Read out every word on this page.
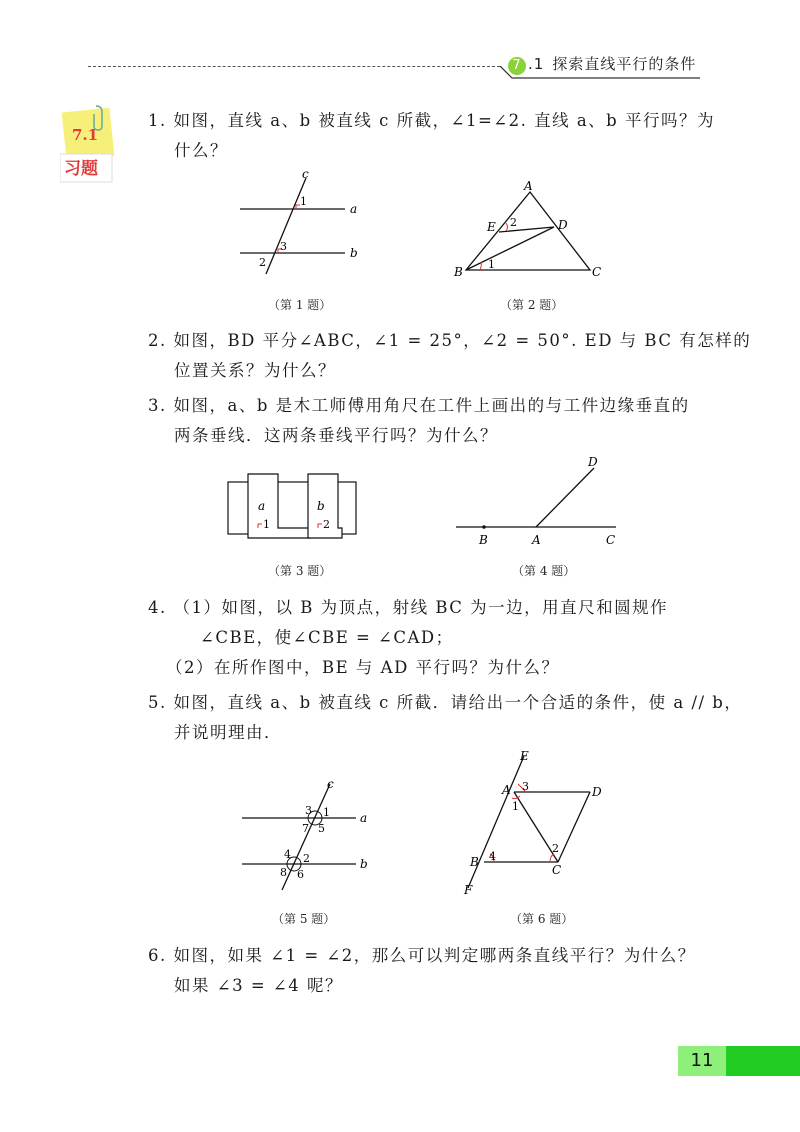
7 .1 探索直线平行的条件
7.1
习题
1. 如图，直线 a、b 被直线 c 所截，∠1=∠2. 直线 a、b 平行吗？为
什么？
c
a
b
1
2
3
（第 1 题）
A
B	C
D
E
1
2
（第 2 题）
2. 如图，BD 平分∠ABC，∠1 = 25°，∠2 = 50°. ED 与 BC 有怎样的
位置关系？为什么？
3. 如图，a、b 是木工师傅用角尺在工件上画出的与工件边缘垂直的
两条垂线．这两条垂线平行吗？为什么？
a	b
1	2
（第 3 题）
B	A	C
D
（第 4 题）
4. （1）如图，以 B 为顶点，射线 BC 为一边，用直尺和圆规作
∠CBE，使∠CBE = ∠CAD；
（2）在所作图中，BE 与 AD 平行吗？为什么？
5. 如图，直线 a、b 被直线 c 所截．请给出一个合适的条件，使 a // b，
并说明理由．
c
a
b
1
2
3
4
5
6
7
8
（第 5 题）
E
A	D
B
C
F
1
2
3
4
（第 6 题）
6. 如图，如果 ∠1 = ∠2，那么可以判定哪两条直线平行？为什么？
如果 ∠3 = ∠4 呢？
11
